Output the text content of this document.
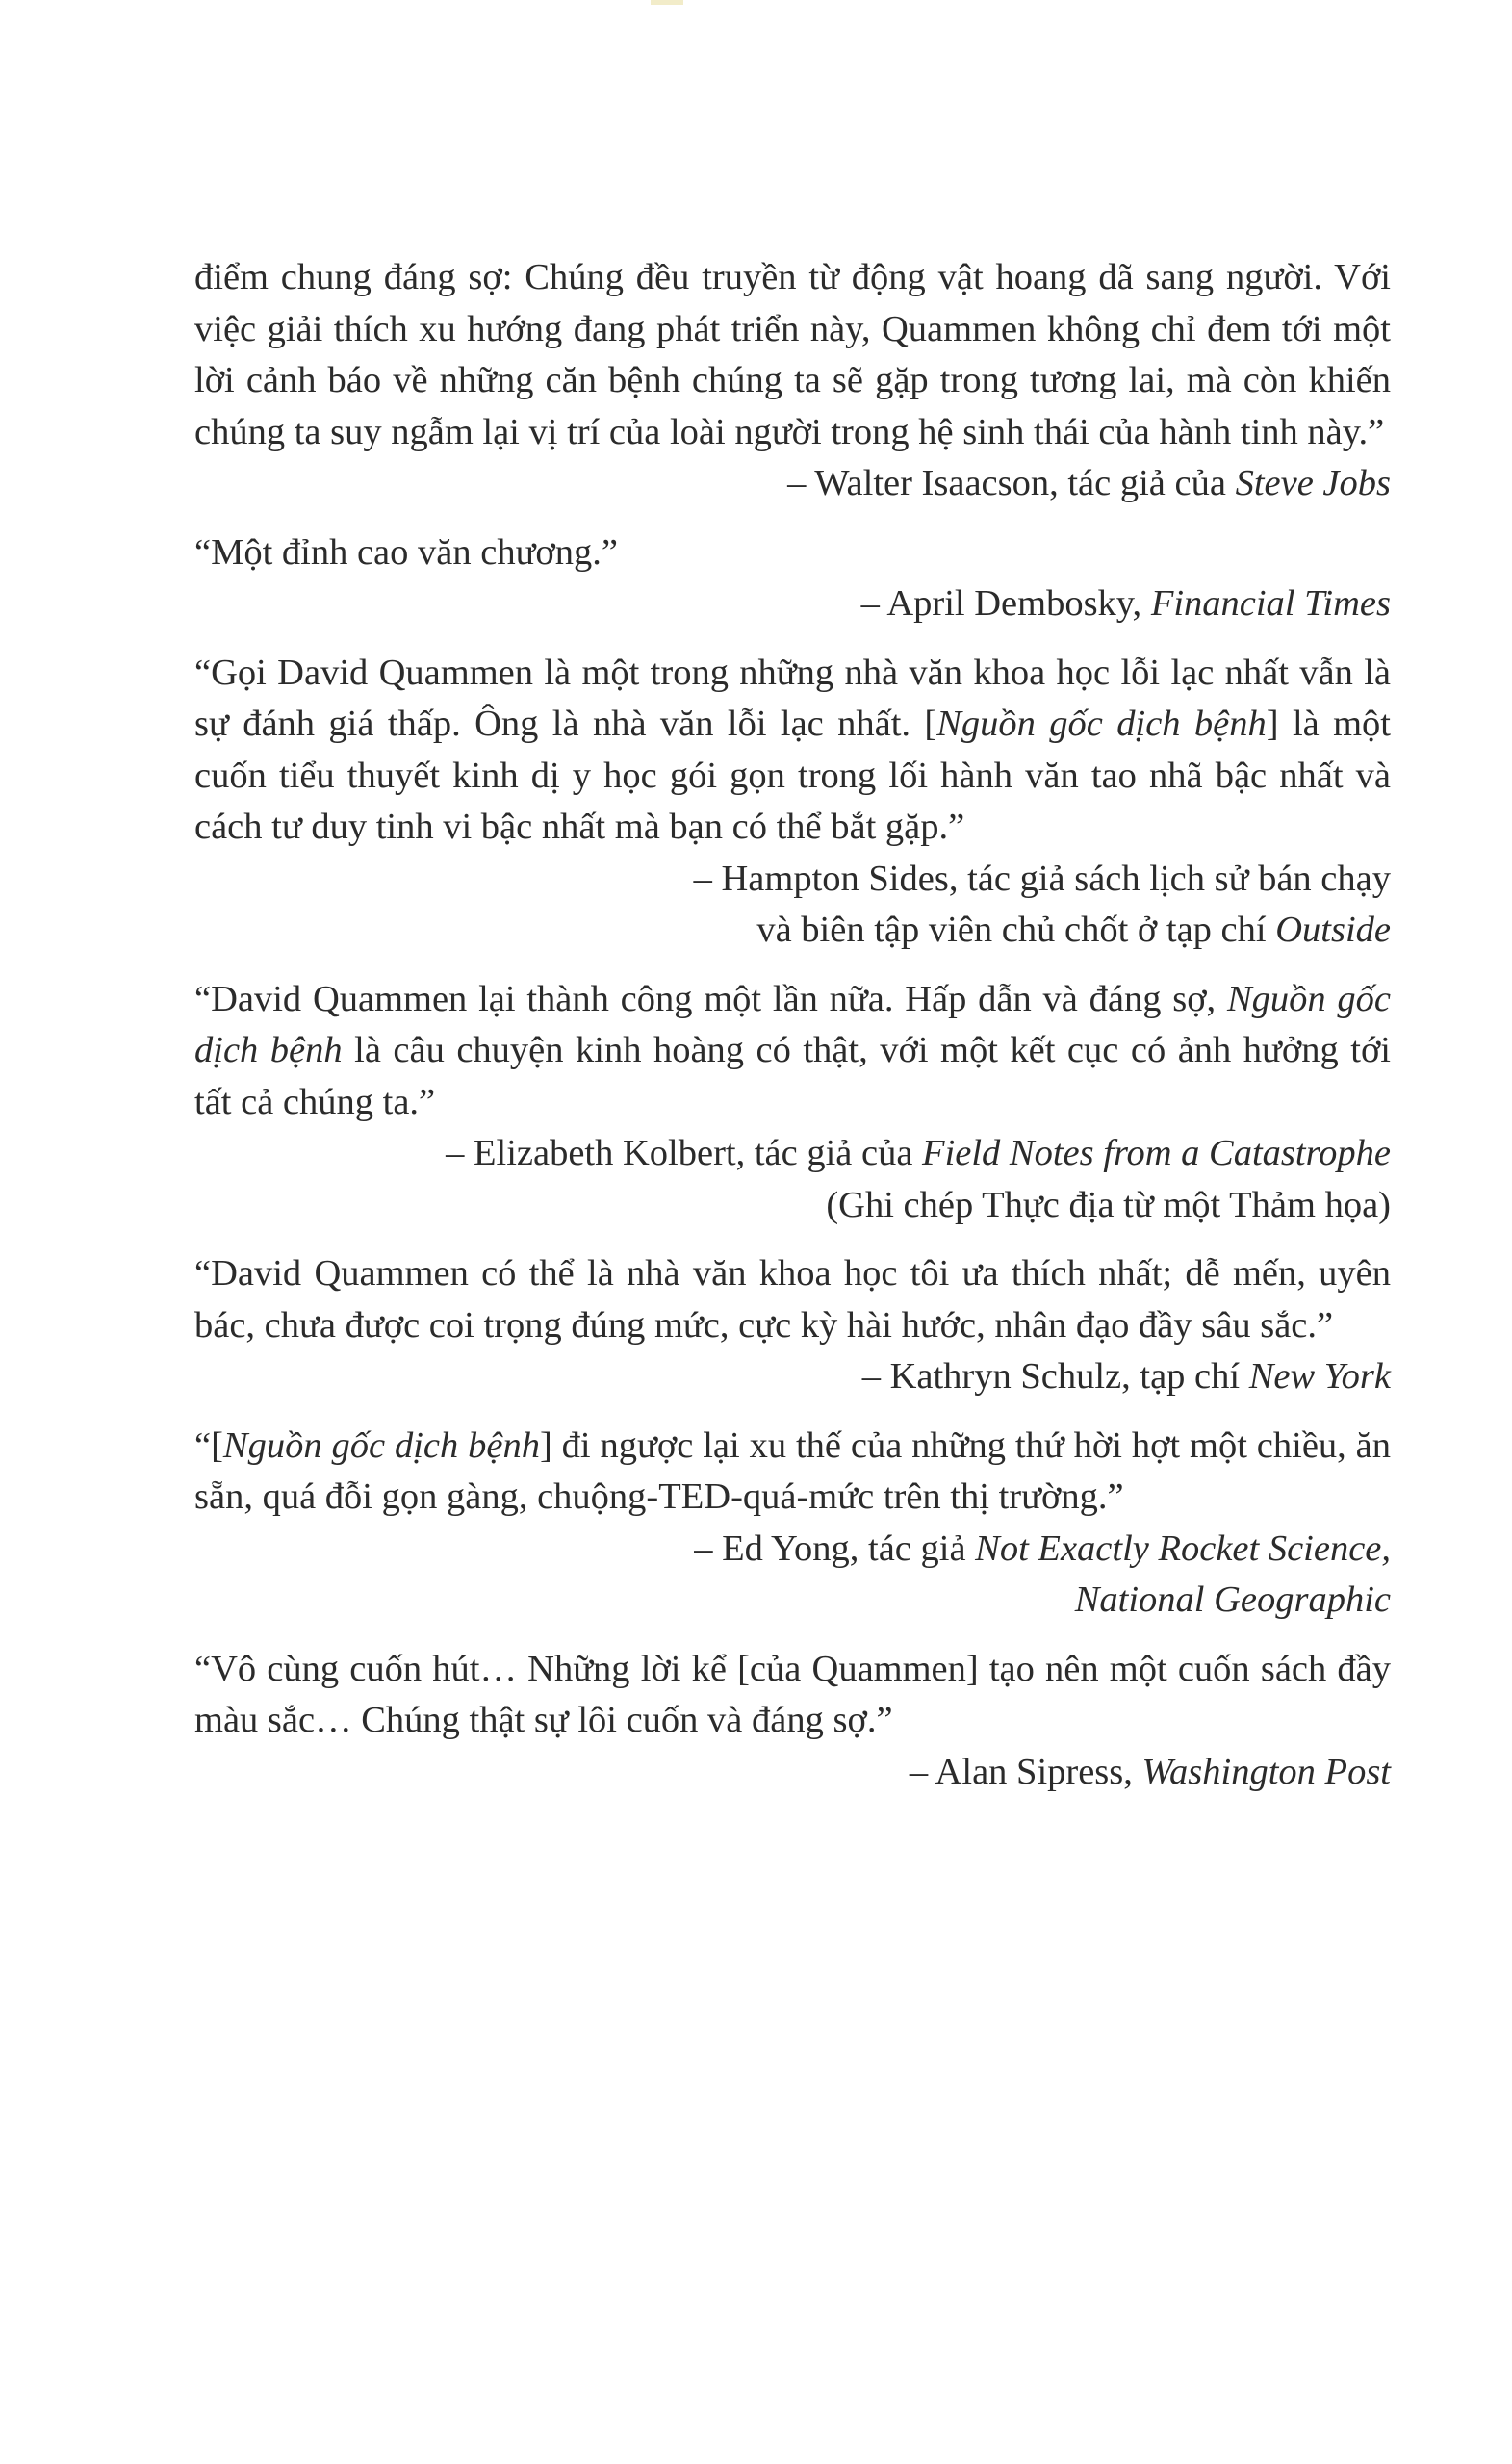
điểm chung đáng sợ: Chúng đều truyền từ động vật hoang dã sang người. Với việc giải thích xu hướng đang phát triển này, Quammen không chỉ đem tới một lời cảnh báo về những căn bệnh chúng ta sẽ gặp trong tương lai, mà còn khiến chúng ta suy ngẫm lại vị trí của loài người trong hệ sinh thái của hành tinh này.”

– Walter Isaacson, tác giả của Steve Jobs

“Một đỉnh cao văn chương.”

– April Dembosky, Financial Times

“Gọi David Quammen là một trong những nhà văn khoa học lỗi lạc nhất vẫn là sự đánh giá thấp. Ông là nhà văn lỗi lạc nhất. [Nguồn gốc dịch bệnh] là một cuốn tiểu thuyết kinh dị y học gói gọn trong lối hành văn tao nhã bậc nhất và cách tư duy tinh vi bậc nhất mà bạn có thể bắt gặp.”

– Hampton Sides, tác giả sách lịch sử bán chạy

và biên tập viên chủ chốt ở tạp chí Outside

“David Quammen lại thành công một lần nữa. Hấp dẫn và đáng sợ, Nguồn gốc dịch bệnh là câu chuyện kinh hoàng có thật, với một kết cục có ảnh hưởng tới tất cả chúng ta.”

– Elizabeth Kolbert, tác giả của Field Notes from a Catastrophe

(Ghi chép Thực địa từ một Thảm họa)

“David Quammen có thể là nhà văn khoa học tôi ưa thích nhất; dễ mến, uyên bác, chưa được coi trọng đúng mức, cực kỳ hài hước, nhân đạo đầy sâu sắc.”

– Kathryn Schulz, tạp chí New York

“[Nguồn gốc dịch bệnh] đi ngược lại xu thế của những thứ hời hợt một chiều, ăn sẵn, quá đỗi gọn gàng, chuộng-TED-quá-mức trên thị trường.”

– Ed Yong, tác giả Not Exactly Rocket Science,

National Geographic

“Vô cùng cuốn hút… Những lời kể [của Quammen] tạo nên một cuốn sách đầy màu sắc… Chúng thật sự lôi cuốn và đáng sợ.”

– Alan Sipress, Washington Post
